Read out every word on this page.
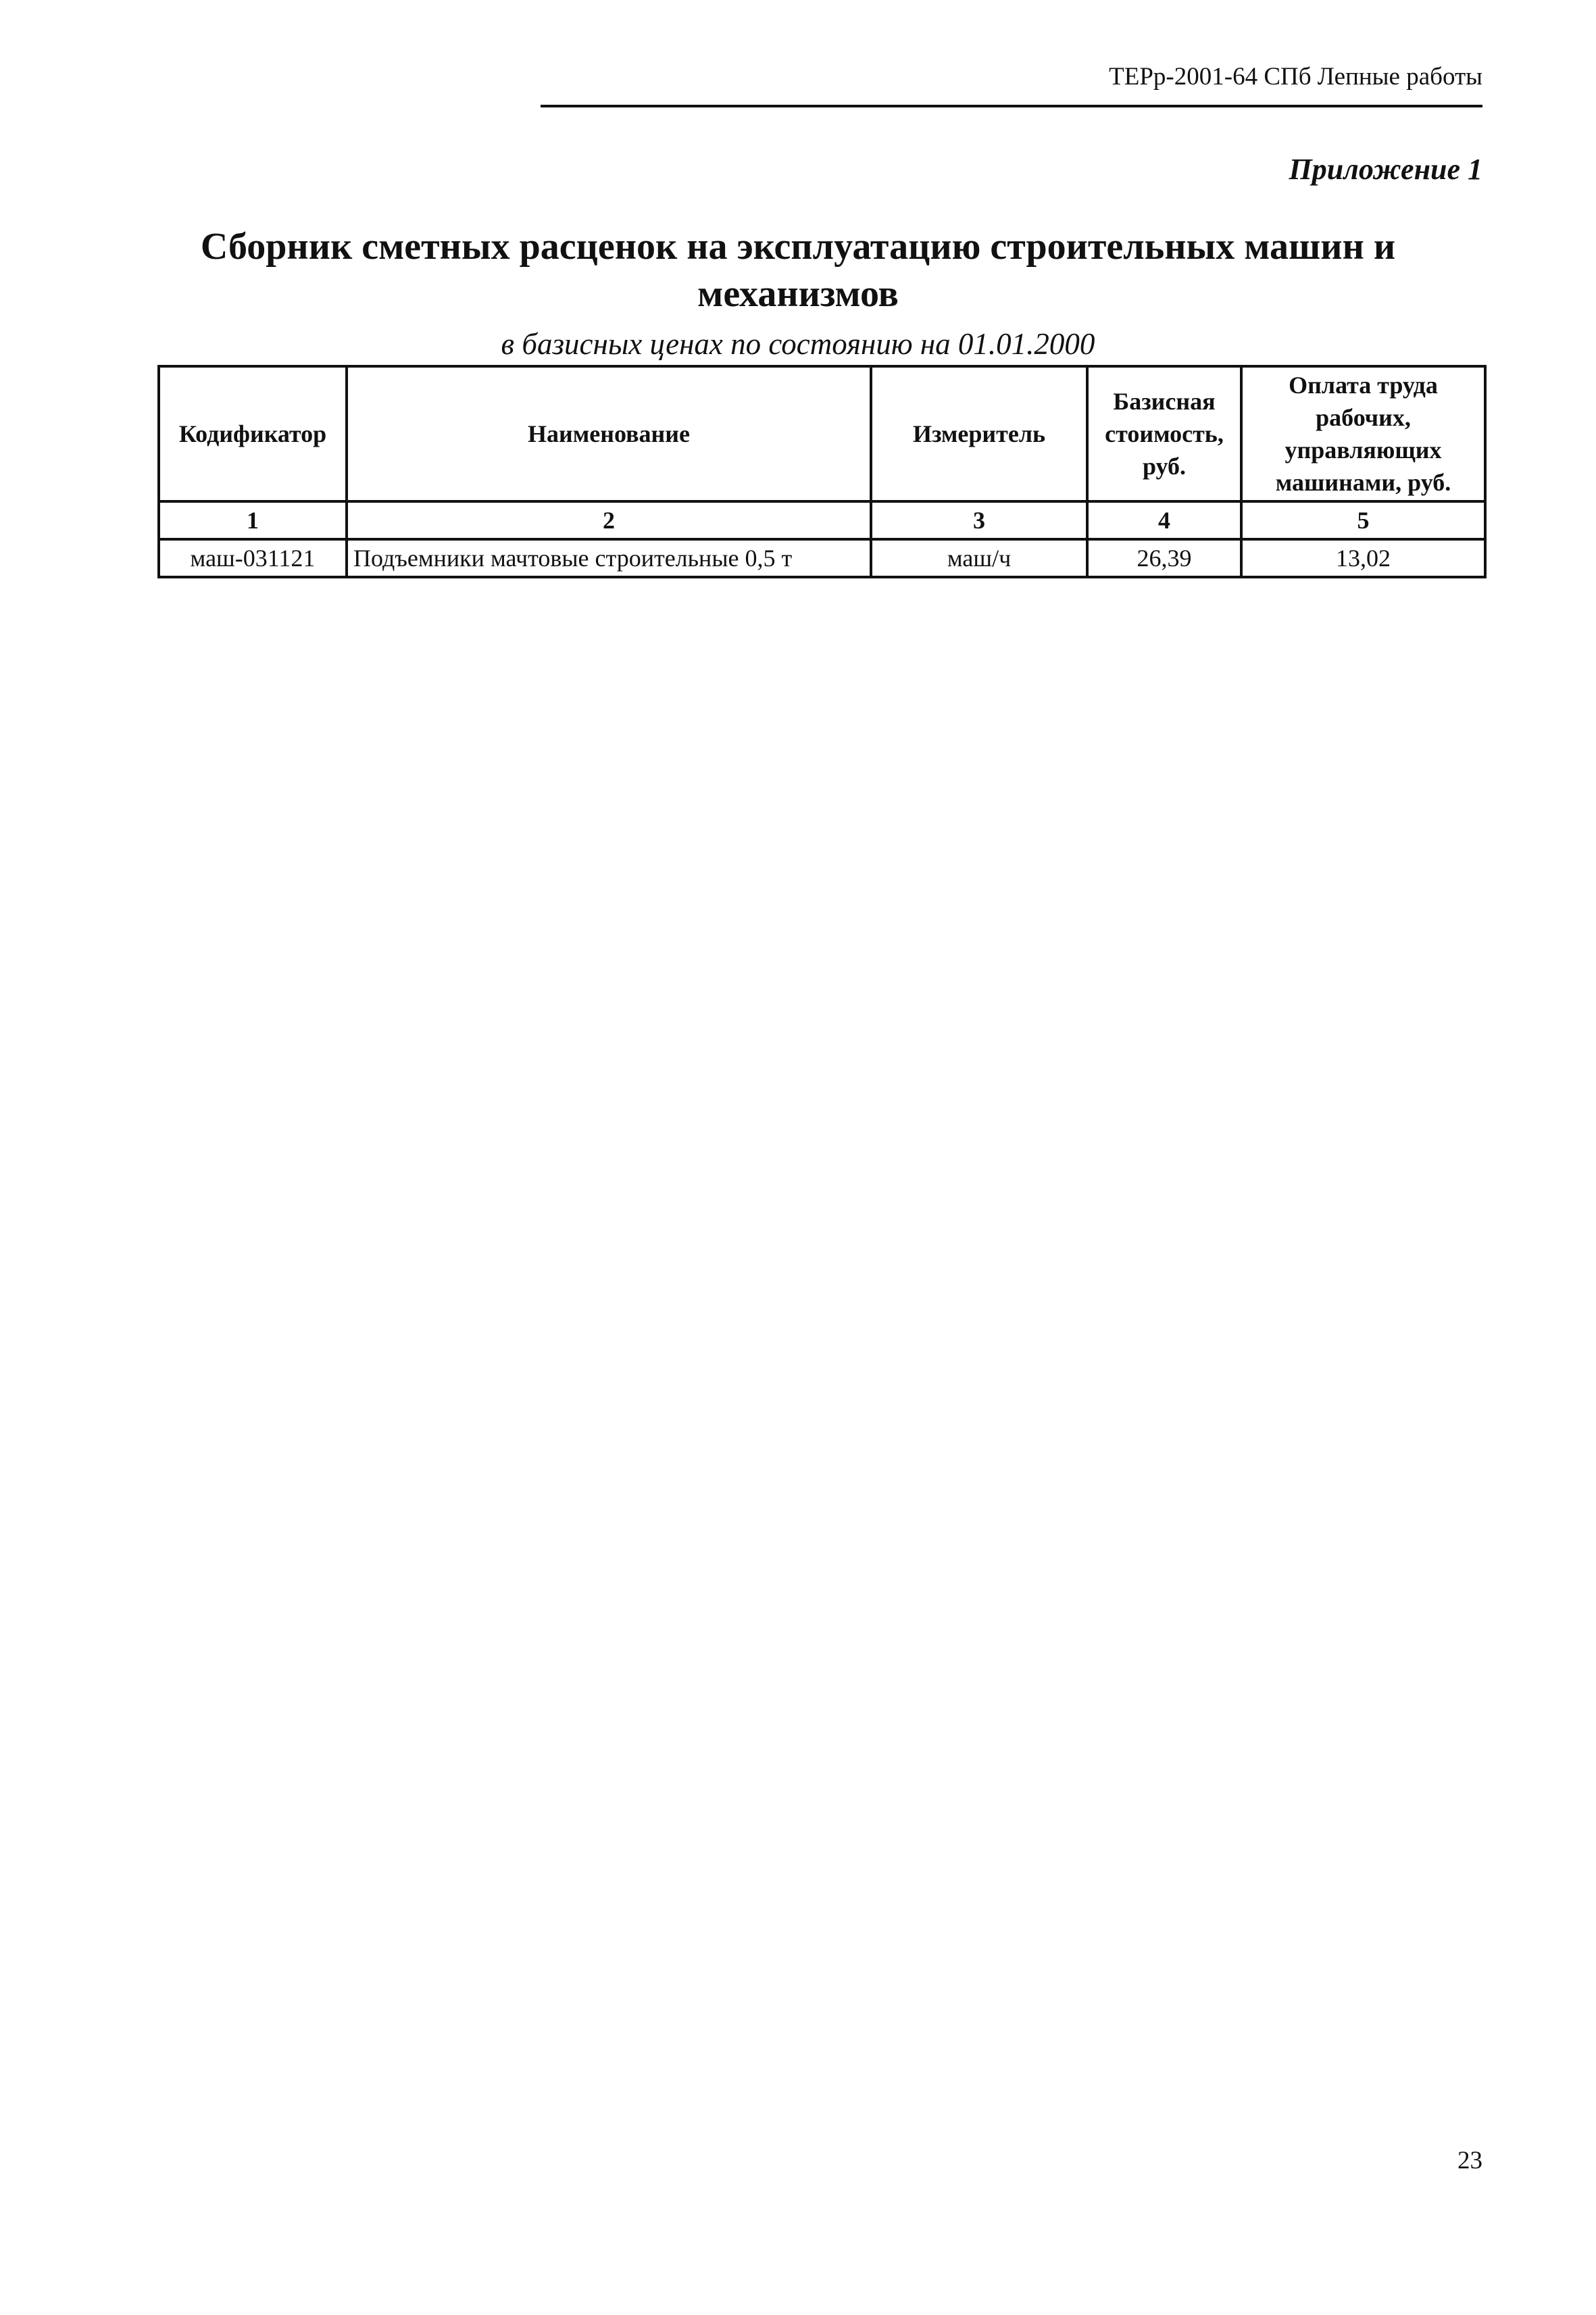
ТЕРр-2001-64 СПб Лепные работы
Приложение 1
Сборник сметных расценок на эксплуатацию строительных машин и
механизмов
в базисных ценах по состоянию на 01.01.2000
Кодификатор	Наименование	Измеритель	Базисная стоимость, руб.	Оплата труда рабочих, управляющих машинами, руб.
1	2	3	4	5
маш-031121	Подъемники мачтовые строительные 0,5 т	маш/ч	26,39	13,02
23
